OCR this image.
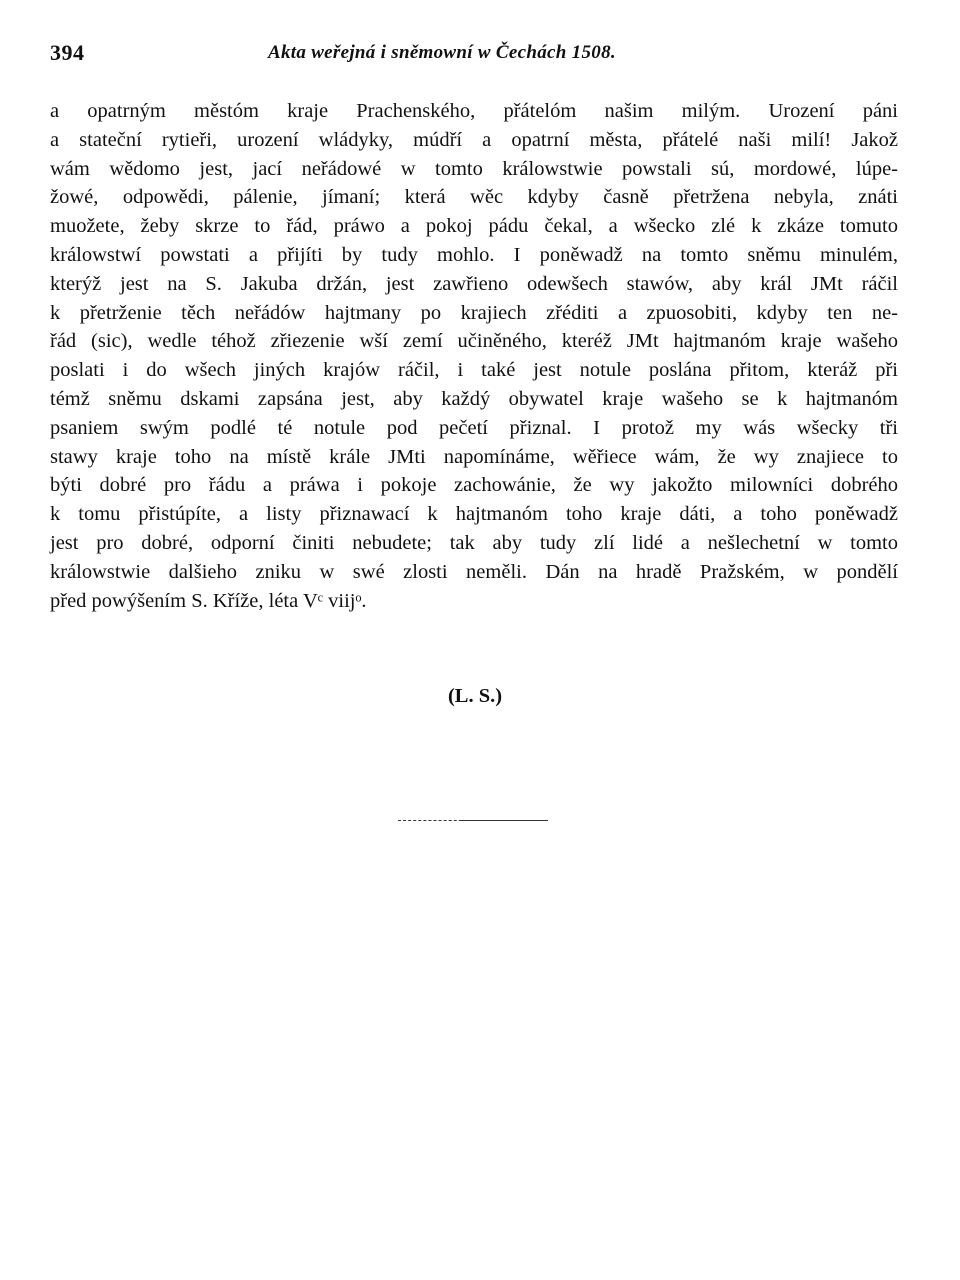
394	Akta weřejná i sněmowní w Čechách 1508.
a opatrným městóm kraje Prachenského, přátelóm našim milým. Urození páni
a stateční rytieři, urození wládyky, múdří a opatrní města, přátelé naši milí! Jakož
wám wědomo jest, jací neřádowé w tomto králowstwie powstali sú, mordowé, lúpe-
žowé, odpowědi, pálenie, jímaní; která wěc kdyby časně přetržena nebyla, znáti
muožete, žeby skrze to řád, práwo a pokoj pádu čekal, a wšecko zlé k zkáze tomuto
králowstwí powstati a přijíti by tudy mohlo. I poněwadž na tomto sněmu minulém,
kterýž jest na S. Jakuba držán, jest zawřieno odewšech stawów, aby král JMt ráčil
k přetrženie těch neřádów hajtmany po krajiech zřéditi a zpuosobiti, kdyby ten ne-
řád (sic), wedle téhož zřiezenie wší zemí učiněného, kteréž JMt hajtmanóm kraje wašeho
poslati i do wšech jiných krajów ráčil, i také jest notule poslána přitom, kteráž při
témž sněmu dskami zapsána jest, aby každý obywatel kraje wašeho se k hajtmanóm
psaniem swým podlé té notule pod pečetí přiznal. I protož my wás wšecky tři
stawy kraje toho na místě krále JMti napomínáme, wěřiece wám, že wy znajiece to
býti dobré pro řádu a práwa i pokoje zachowánie, že wy jakožto milowníci dobrého
k tomu přistúpíte, a listy přiznawací k hajtmanóm toho kraje dáti, a toho poněwadž
jest pro dobré, odporní činiti nebudete; tak aby tudy zlí lidé a nešlechetní w tomto
králowstwie dalšieho zniku w swé zlosti neměli. Dán na hradě Pražském, w pondělí
před powýšením S. Kříže, léta Vᶜ viijᵒ.
(L. S.)
